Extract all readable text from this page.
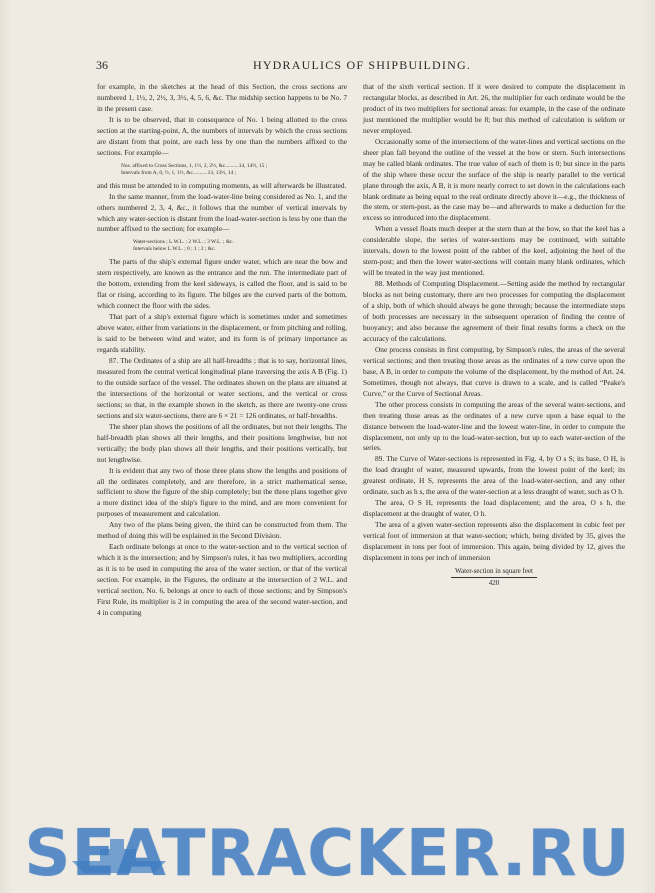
36	HYDRAULICS OF SHIPBUILDING.

for example, in the sketches at the head of this Section, the cross sections are numbered 1, 1½, 2, 2½, 3, 3½, 4, 5, 6, &c. The midship section happens to be No. 7 in the present case.

It is to be observed, that in consequence of No. 1 being allotted to the cross section at the starting-point, A, the numbers of intervals by which the cross sections are distant from that point, are each less by one than the numbers affixed to the sections. For example—

Nos. affixed to Cross Sections, 1, 1½, 2, 2½, &c..........14, 14½, 15 ;
Intervals from A, 0, ½, 1, 1½, &c...........13, 13½, 14 ;

and this must be attended to in computing moments, as will afterwards be illustrated.

In the same manner, from the load-water-line being considered as No. 1, and the others numbered 2, 3, 4, &c., it follows that the number of vertical intervals by which any water-section is distant from the load-water-section is less by one than the number affixed to the section; for example—

Water-sections ; L.W.L. ; 2 W.L. ; 3 W.L. ; &c.
Intervals below L.W.L. ; 0 ; 1 ; 2 ; &c.

The parts of the ship's external figure under water, which are near the bow and stern respectively, are known as the entrance and the run. The intermediate part of the bottom, extending from the keel sideways, is called the floor, and is said to be flat or rising, according to its figure. The bilges are the curved parts of the bottom, which connect the floor with the sides.

That part of a ship's external figure which is sometimes under and sometimes above water, either from variations in the displacement, or from pitching and rolling, is said to be between wind and water, and its form is of primary importance as regards stability.

87. The Ordinates of a ship are all half-breadths ; that is to say, horizontal lines, measured from the central vertical longitudinal plane traversing the axis A B (Fig. 1) to the outside surface of the vessel. The ordinates shown on the plans are situated at the intersections of the horizontal or water sections, and the vertical or cross sections; so that, in the example shown in the sketch, as there are twenty-one cross sections and six water-sections, there are 6 × 21 = 126 ordinates, or half-breadths.

The sheer plan shows the positions of all the ordinates, but not their lengths. The half-breadth plan shows all their lengths, and their positions lengthwise, but not vertically; the body plan shows all their lengths, and their positions vertically, but not lengthwise.

It is evident that any two of those three plans show the lengths and positions of all the ordinates completely, and are therefore, in a strict mathematical sense, sufficient to show the figure of the ship completely; but the three plans together give a more distinct idea of the ship's figure to the mind, and are more convenient for purposes of measurement and calculation.

Any two of the plans being given, the third can be constructed from them. The method of doing this will be explained in the Second Division.

Each ordinate belongs at once to the water-section and to the vertical section of which it is the intersection; and by Simpson's rules, it has two multipliers, according as it is to be used in computing the area of the water section, or that of the vertical section. For example, in the Figures, the ordinate at the intersection of 2 W.L. and vertical section, No. 6, belongs at once to each of those sections; and by Simpson's First Rule, its multiplier is 2 in computing the area of the second water-section, and 4 in computing

that of the sixth vertical section. If it were desired to compute the displacement in rectangular blocks, as described in Art. 26, the multiplier for each ordinate would be the product of its two multipliers for sectional areas: for example, in the case of the ordinate just mentioned the multiplier would be 8; but this method of calculation is seldom or never employed.

Occasionally some of the intersections of the water-lines and vertical sections on the sheer plan fall beyond the outline of the vessel at the bow or stern. Such intersections may be called blank ordinates. The true value of each of them is 0; but since in the parts of the ship where these occur the surface of the ship is nearly parallel to the vertical plane through the axis, A B, it is more nearly correct to set down in the calculations each blank ordinate as being equal to the real ordinate directly above it—e.g., the thickness of the stem, or stern-post, as the case may be—and afterwards to make a deduction for the excess so introduced into the displacement.

When a vessel floats much deeper at the stern than at the bow, so that the keel has a considerable slope, the series of water-sections may be continued, with suitable intervals, down to the lowest point of the rabbet of the keel, adjoining the heel of the stern-post; and then the lower water-sections will contain many blank ordinates, which will be treated in the way just mentioned.

88. Methods of Computing Displacement.—Setting aside the method by rectangular blocks as not being customary, there are two processes for computing the displacement of a ship, both of which should always be gone through; because the intermediate steps of both processes are necessary in the subsequent operation of finding the centre of buoyancy; and also because the agreement of their final results forms a check on the accuracy of the calculations.

One process consists in first computing, by Simpson's rules, the areas of the several vertical sections; and then treating those areas as the ordinates of a new curve upon the base, A B, in order to compute the volume of the displacement, by the method of Art. 24. Sometimes, though not always, that curve is drawn to a scale, and is called “Peake's Curve,” or the Curve of Sectional Areas.

The other process consists in computing the areas of the several water-sections, and then treating those areas as the ordinates of a new curve upon a base equal to the distance between the load-water-line and the lowest water-line, in order to compute the displacement, not only up to the load-water-section, but up to each water-section of the series.

89. The Curve of Water-sections is represented in Fig. 4, by O s S; its base, O H, is the load draught of water, measured upwards, from the lowest point of the keel; its greatest ordinate, H S, represents the area of the load-water-section, and any other ordinate, such as h s, the area of the water-section at a less draught of water, such as O h.

The area, O S H, represents the load displacement; and the area, O s h, the displacement at the draught of water, O h.

The area of a given water-section represents also the displacement in cubic feet per vertical foot of immersion at that water-section; which, being divided by 35, gives the displacement in tons per foot of immersion. This again, being divided by 12, gives the displacement in tons per inch of immersion

Water-section in square feet
420
SEATRACKER.RU
